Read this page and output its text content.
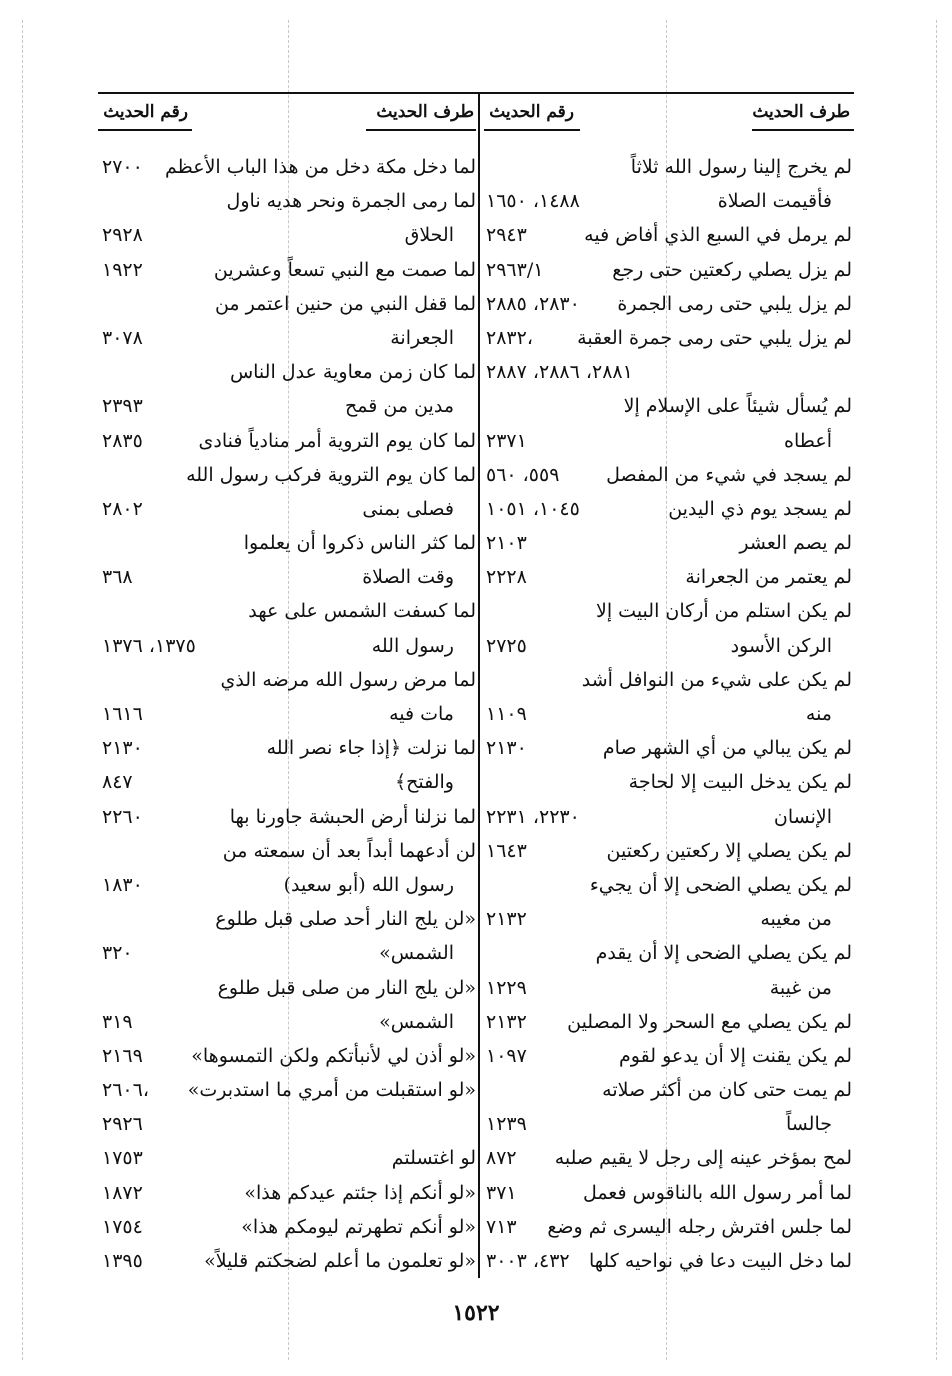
طرف الحديث
رقم الحديث
طرف الحديث
رقم الحديث
لم يخرج إلينا رسول الله ثلاثاً
فأقيمت الصلاة
١٤٨٨، ١٦٥٠
لم يرمل في السبع الذي أفاض فيه
٢٩٤٣
لم يزل يصلي ركعتين حتى رجع
٢٩٦٣/١
لم يزل يلبي حتى رمى الجمرة
٢٨٣٠، ٢٨٨٥
لم يزل يلبي حتى رمى جمرة العقبة
٢٨٣٢،
٢٨٨١، ٢٨٨٦، ٢٨٨٧
لم يُسأل شيئاً على الإسلام إلا
أعطاه
٢٣٧١
لم يسجد في شيء من المفصل
٥٥٩، ٥٦٠
لم يسجد يوم ذي اليدين
١٠٤٥، ١٠٥١
لم يصم العشر
٢١٠٣
لم يعتمر من الجعرانة
٢٢٢٨
لم يكن استلم من أركان البيت إلا
الركن الأسود
٢٧٢٥
لم يكن على شيء من النوافل أشد
منه
١١٠٩
لم يكن يبالي من أي الشهر صام
٢١٣٠
لم يكن يدخل البيت إلا لحاجة
الإنسان
٢٢٣٠، ٢٢٣١
لم يكن يصلي إلا ركعتين ركعتين
١٦٤٣
لم يكن يصلي الضحى إلا أن يجيء
من مغيبه
٢١٣٢
لم يكن يصلي الضحى إلا أن يقدم
من غيبة
١٢٢٩
لم يكن يصلي مع السحر ولا المصلين
٢١٣٢
لم يكن يقنت إلا أن يدعو لقوم
١٠٩٧
لم يمت حتى كان من أكثر صلاته
جالساً
١٢٣٩
لمح بمؤخر عينه إلى رجل لا يقيم صلبه
٨٧٢
لما أمر رسول الله بالناقوس فعمل
٣٧١
لما جلس افترش رجله اليسرى ثم وضع
٧١٣
لما دخل البيت دعا في نواحيه كلها
٤٣٢، ٣٠٠٣
لما دخل مكة دخل من هذا الباب الأعظم
٢٧٠٠
لما رمى الجمرة ونحر هديه ناول
الحلاق
٢٩٢٨
لما صمت مع النبي تسعاً وعشرين
١٩٢٢
لما قفل النبي من حنين اعتمر من
الجعرانة
٣٠٧٨
لما كان زمن معاوية عدل الناس
مدين من قمح
٢٣٩٣
لما كان يوم التروية أمر منادياً فنادى
٢٨٣٥
لما كان يوم التروية فركب رسول الله
فصلى بمنى
٢٨٠٢
لما كثر الناس ذكروا أن يعلموا
وقت الصلاة
٣٦٨
لما كسفت الشمس على عهد
رسول الله
١٣٧٥، ١٣٧٦
لما مرض رسول الله مرضه الذي
مات فيه
١٦١٦
لما نزلت ﴿إذا جاء نصر الله
٢١٣٠
والفتح﴾
٨٤٧
لما نزلنا أرض الحبشة جاورنا بها
٢٢٦٠
لن أدعهما أبداً بعد أن سمعته من
رسول الله (أبو سعيد)
١٨٣٠
«لن يلج النار أحد صلى قبل طلوع
الشمس»
٣٢٠
«لن يلج النار من صلى قبل طلوع
الشمس»
٣١٩
«لو أذن لي لأنبأتكم ولكن التمسوها»
٢١٦٩
«لو استقبلت من أمري ما استدبرت»
٢٦٠٦،
٢٩٢٦
لو اغتسلتم
١٧٥٣
«لو أنكم إذا جئتم عيدكم هذا»
١٨٧٢
«لو أنكم تطهرتم ليومكم هذا»
١٧٥٤
«لو تعلمون ما أعلم لضحكتم قليلاً»
١٣٩٥
١٥٢٢
